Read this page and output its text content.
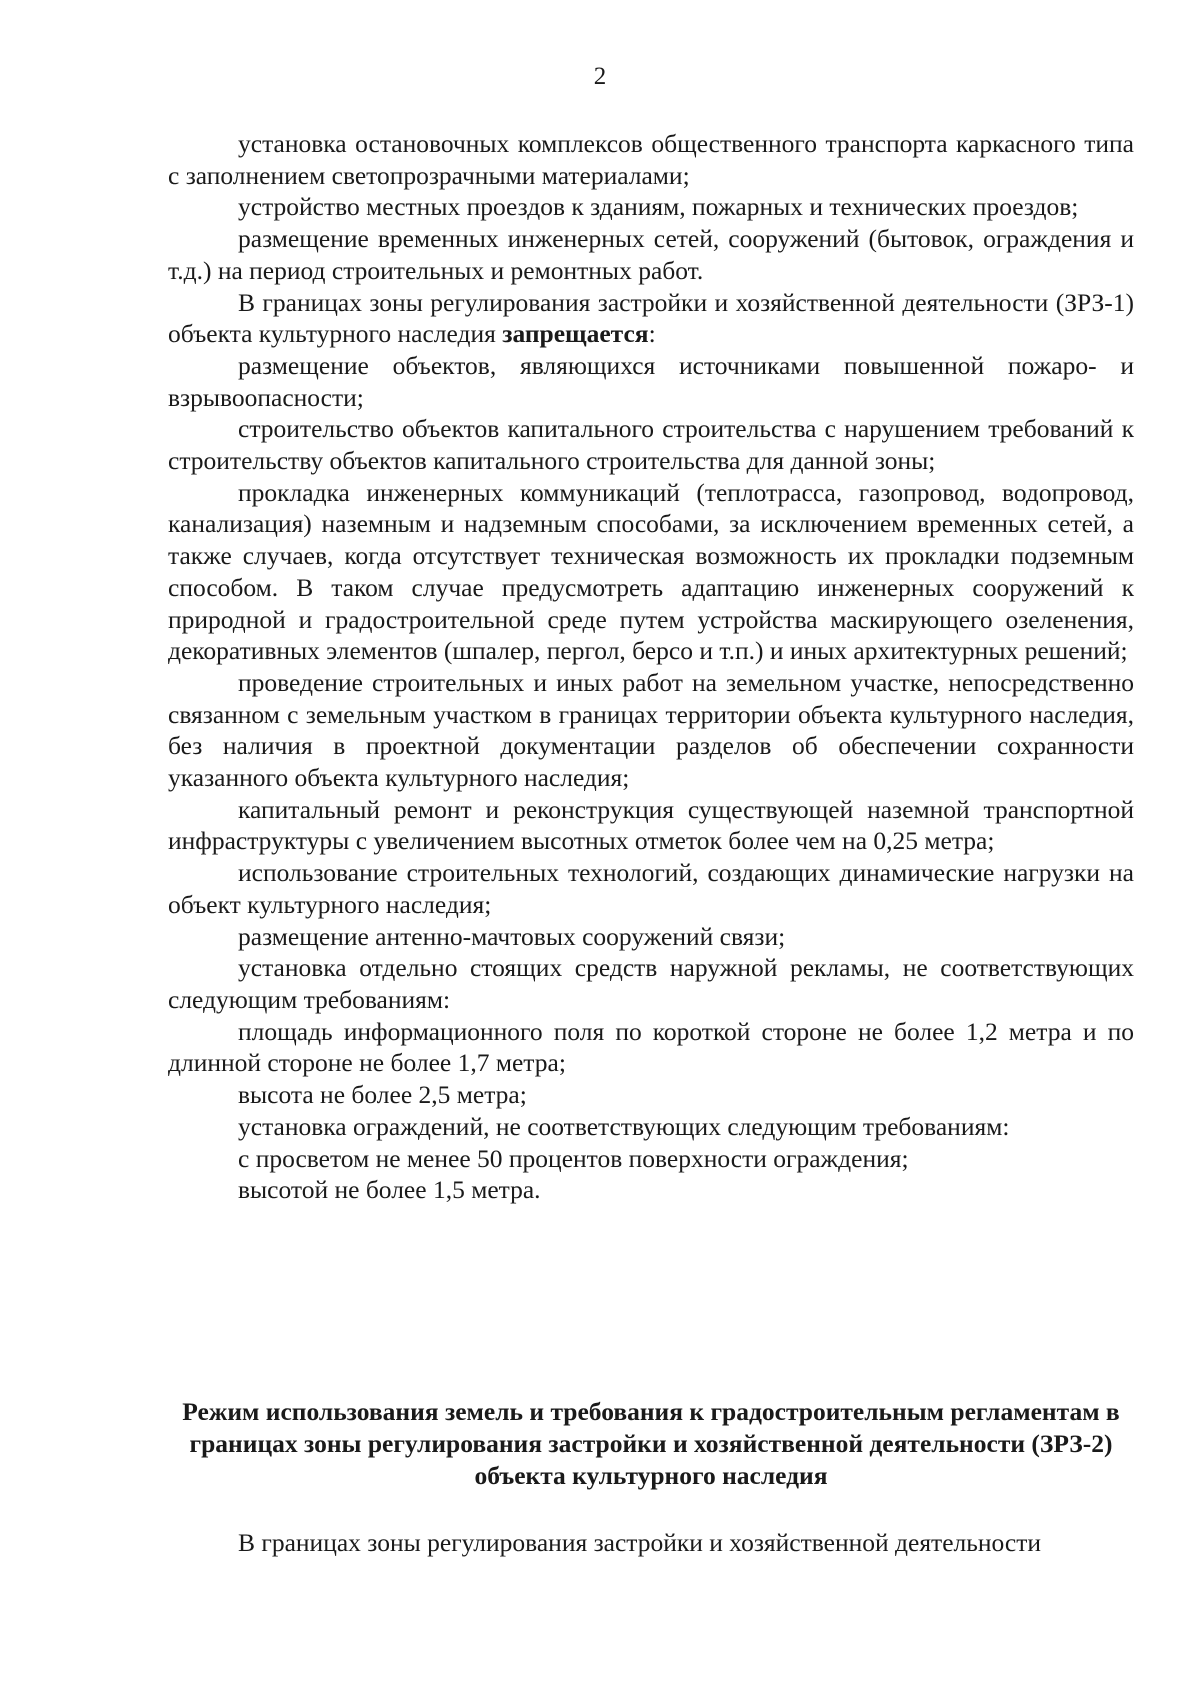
2

установка остановочных комплексов общественного транспорта каркасного типа с заполнением светопрозрачными материалами;

устройство местных проездов к зданиям, пожарных и технических проездов;

размещение временных инженерных сетей, сооружений (бытовок, ограждения и т.д.) на период строительных и ремонтных работ.

В границах зоны регулирования застройки и хозяйственной деятельности (ЗРЗ-1) объекта культурного наследия запрещается:

размещение объектов, являющихся источниками повышенной пожаро- и взрывоопасности;

строительство объектов капитального строительства с нарушением требований к строительству объектов капитального строительства для данной зоны;

прокладка инженерных коммуникаций (теплотрасса, газопровод, водопровод, канализация) наземным и надземным способами, за исключением временных сетей, а также случаев, когда отсутствует техническая возможность их прокладки подземным способом. В таком случае предусмотреть адаптацию инженерных сооружений к природной и градостроительной среде путем устройства маскирующего озеленения, декоративных элементов (шпалер, пергол, берсо и т.п.) и иных архитектурных решений;

проведение строительных и иных работ на земельном участке, непосредственно связанном с земельным участком в границах территории объекта культурного наследия, без наличия в проектной документации разделов об обеспечении сохранности указанного объекта культурного наследия;

капитальный ремонт и реконструкция существующей наземной транспортной инфраструктуры с увеличением высотных отметок более чем на 0,25 метра;

использование строительных технологий, создающих динамические нагрузки на объект культурного наследия;

размещение антенно-мачтовых сооружений связи;

установка отдельно стоящих средств наружной рекламы, не соответствующих следующим требованиям:

площадь информационного поля по короткой стороне не более 1,2 метра и по длинной стороне не более 1,7 метра;

высота не более 2,5 метра;

установка ограждений, не соответствующих следующим требованиям:

с просветом не менее 50 процентов поверхности ограждения;

высотой не более 1,5 метра.

Режим использования земель и требования к градостроительным регламентам в границах зоны регулирования застройки и хозяйственной деятельности (ЗРЗ-2) объекта культурного наследия

В границах зоны регулирования застройки и хозяйственной деятельности
